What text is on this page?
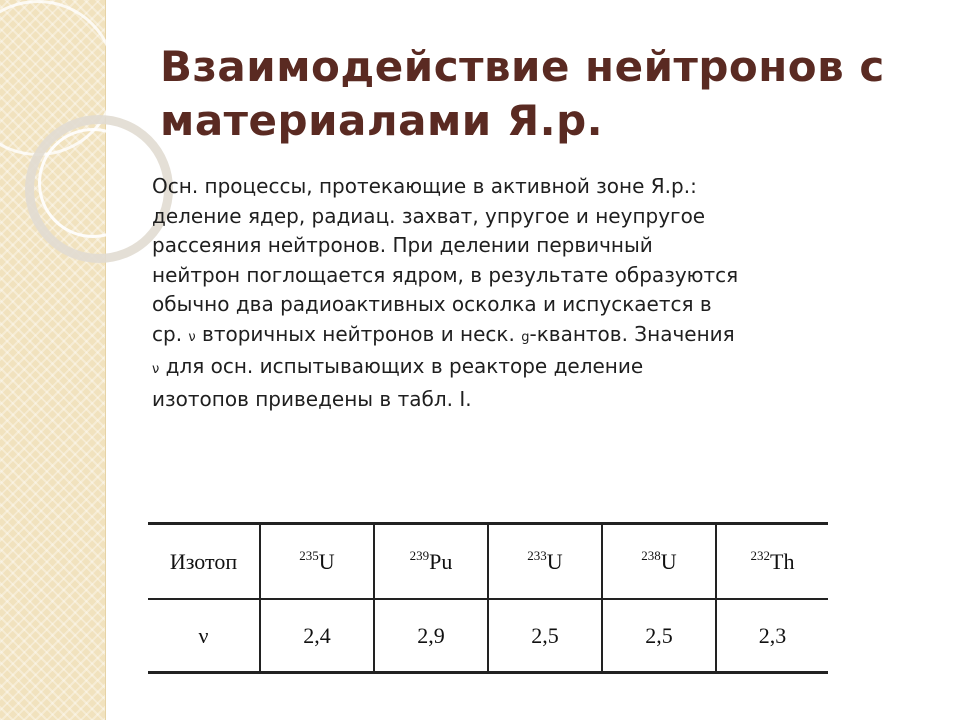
Взаимодействие нейтронов с материалами Я.р.
Осн. процессы, протекающие в активной зоне Я.р.:
деление ядер, радиац. захват, упругое и неупругое
рассеяния нейтронов. При делении первичный
нейтрон поглощается ядром, в результате образуются
обычно два радиоактивных осколка и испускается в
ср. ν вторичных нейтронов и неск. g-квантов. Значения
ν для осн. испытывающих в реакторе деление
изотопов приведены в табл. I.
Изотоп	$^{235}$U	$^{239}$Pu	$^{233}$U	$^{238}$U	$^{232}$Th
ν	2,4	2,9	2,5	2,5	2,3
